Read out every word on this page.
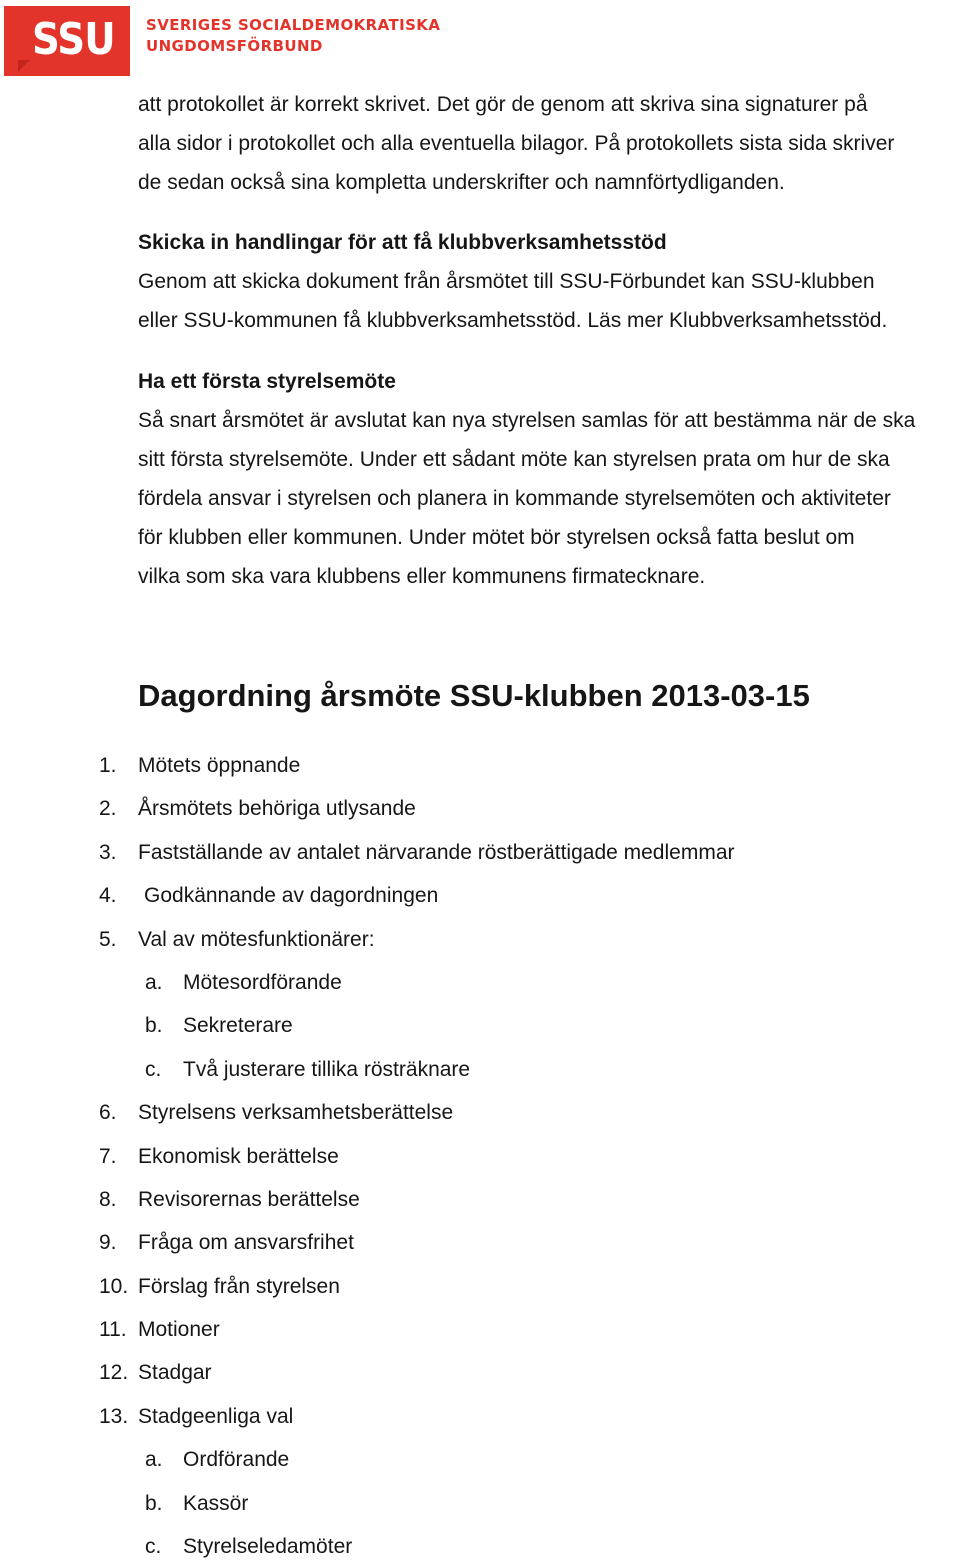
SSU SVERIGES SOCIALDEMOKRATISKA
UNGDOMSFÖRBUND

att protokollet är korrekt skrivet. Det gör de genom att skriva sina signaturer på
alla sidor i protokollet och alla eventuella bilagor. På protokollets sista sida skriver
de sedan också sina kompletta underskrifter och namnförtydliganden.

Skicka in handlingar för att få klubbverksamhetsstöd

Genom att skicka dokument från årsmötet till SSU-Förbundet kan SSU-klubben
eller SSU-kommunen få klubbverksamhetsstöd. Läs mer Klubbverksamhetsstöd.

Ha ett första styrelsemöte

Så snart årsmötet är avslutat kan nya styrelsen samlas för att bestämma när de ska
sitt första styrelsemöte. Under ett sådant möte kan styrelsen prata om hur de ska
fördela ansvar i styrelsen och planera in kommande styrelsemöten och aktiviteter
för klubben eller kommunen. Under mötet bör styrelsen också fatta beslut om
vilka som ska vara klubbens eller kommunens firmatecknare.

Dagordning årsmöte SSU-klubben 2013-03-15
1. Mötets öppnande
2. Årsmötets behöriga utlysande
3. Fastställande av antalet närvarande röstberättigade medlemmar
4. Godkännande av dagordningen
5. Val av mötesfunktionärer:
a. Mötesordförande
b. Sekreterare
c. Två justerare tillika rösträknare
6. Styrelsens verksamhetsberättelse
7. Ekonomisk berättelse
8. Revisorernas berättelse
9. Fråga om ansvarsfrihet
10. Förslag från styrelsen
11. Motioner
12. Stadgar
13. Stadgeenliga val
a. Ordförande
b. Kassör
c. Styrelseledamöter
